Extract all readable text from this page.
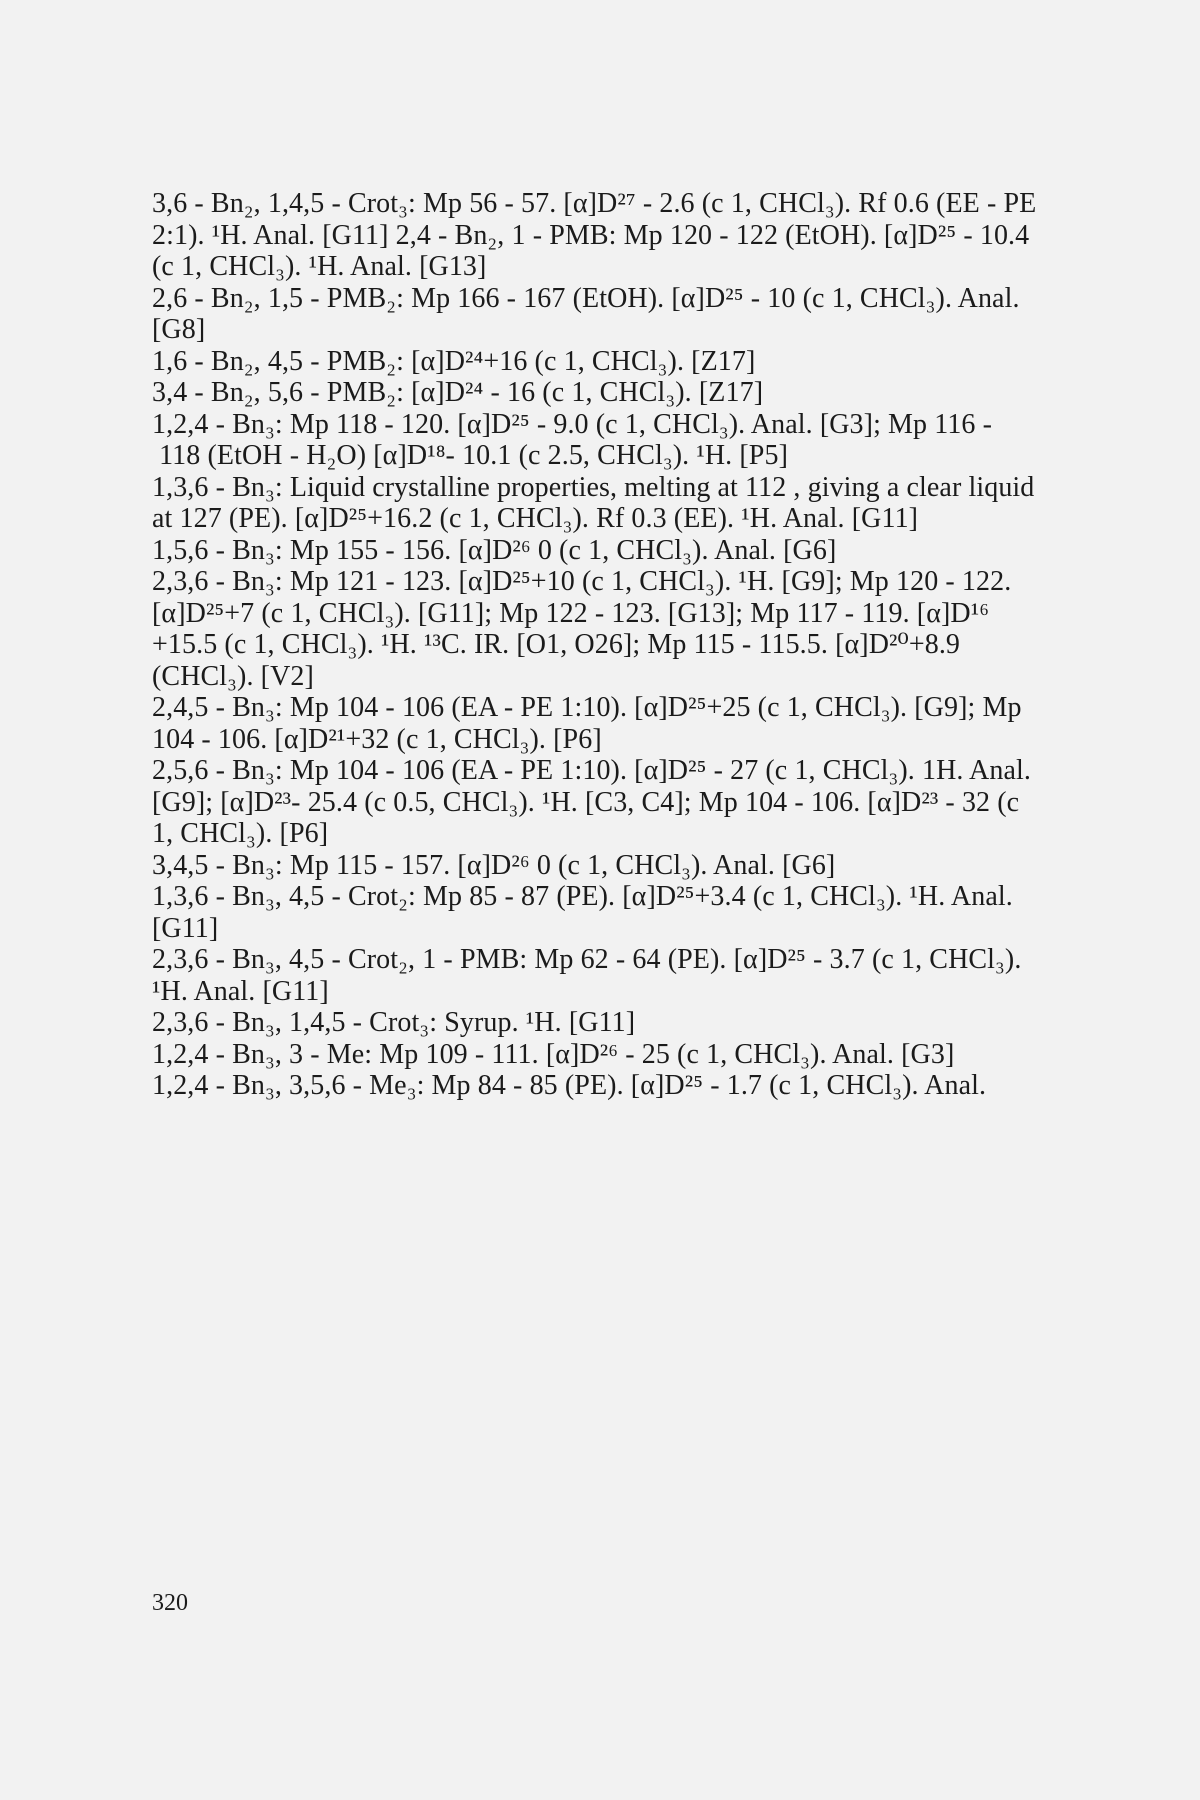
3,6 - Bn₂, 1,4,5 - Crot₃: Mp 56 - 57. [α]D²⁷ - 2.6 (c 1, CHCl₃). Rf 0.6 (EE - PE
2:1). ¹H. Anal. [G11] 2,4 - Bn₂, 1 - PMB: Mp 120 - 122 (EtOH). [α]D²⁵ - 10.4
(c 1, CHCl₃). ¹H. Anal. [G13]
2,6 - Bn₂, 1,5 - PMB₂: Mp 166 - 167 (EtOH). [α]D²⁵ - 10 (c 1, CHCl₃). Anal.
[G8]
1,6 - Bn₂, 4,5 - PMB₂: [α]D²⁴+16 (c 1, CHCl₃). [Z17]
3,4 - Bn₂, 5,6 - PMB₂: [α]D²⁴ - 16 (c 1, CHCl₃). [Z17]
1,2,4 - Bn₃: Mp 118 - 120. [α]D²⁵ - 9.0 (c 1, CHCl₃). Anal. [G3]; Mp 116 -
118 (EtOH - H₂O) [α]D¹⁸- 10.1 (c 2.5, CHCl₃). ¹H. [P5]
1,3,6 - Bn₃: Liquid crystalline properties, melting at 112 , giving a clear liquid
at 127 (PE). [α]D²⁵+16.2 (c 1, CHCl₃). Rf 0.3 (EE). ¹H. Anal. [G11]
1,5,6 - Bn₃: Mp 155 - 156. [α]D²⁶ 0 (c 1, CHCl₃). Anal. [G6]
2,3,6 - Bn₃: Mp 121 - 123. [α]D²⁵+10 (c 1, CHCl₃). ¹H. [G9]; Mp 120 - 122.
[α]D²⁵+7 (c 1, CHCl₃). [G11]; Mp 122 - 123. [G13]; Mp 117 - 119. [α]D¹⁶
+15.5 (c 1, CHCl₃). ¹H. ¹³C. IR. [O1, O26]; Mp 115 - 115.5. [α]D²⁰+8.9
(CHCl₃). [V2]
2,4,5 - Bn₃: Mp 104 - 106 (EA - PE 1:10). [α]D²⁵+25 (c 1, CHCl₃). [G9]; Mp
104 - 106. [α]D²¹+32 (c 1, CHCl₃). [P6]
2,5,6 - Bn₃: Mp 104 - 106 (EA - PE 1:10). [α]D²⁵ - 27 (c 1, CHCl₃). 1H. Anal.
[G9]; [α]D²³- 25.4 (c 0.5, CHCl₃). ¹H. [C3, C4]; Mp 104 - 106. [α]D²³ - 32 (c
1, CHCl₃). [P6]
3,4,5 - Bn₃: Mp 115 - 157. [α]D²⁶ 0 (c 1, CHCl₃). Anal. [G6]
1,3,6 - Bn₃, 4,5 - Crot₂: Mp 85 - 87 (PE). [α]D²⁵+3.4 (c 1, CHCl₃). ¹H. Anal.
[G11]
2,3,6 - Bn₃, 4,5 - Crot₂, 1 - PMB: Mp 62 - 64 (PE). [α]D²⁵ - 3.7 (c 1, CHCl₃).
¹H. Anal. [G11]
2,3,6 - Bn₃, 1,4,5 - Crot₃: Syrup. ¹H. [G11]
1,2,4 - Bn₃, 3 - Me: Mp 109 - 111. [α]D²⁶ - 25 (c 1, CHCl₃). Anal. [G3]
1,2,4 - Bn₃, 3,5,6 - Me₃: Mp 84 - 85 (PE). [α]D²⁵ - 1.7 (c 1, CHCl₃). Anal.
320
